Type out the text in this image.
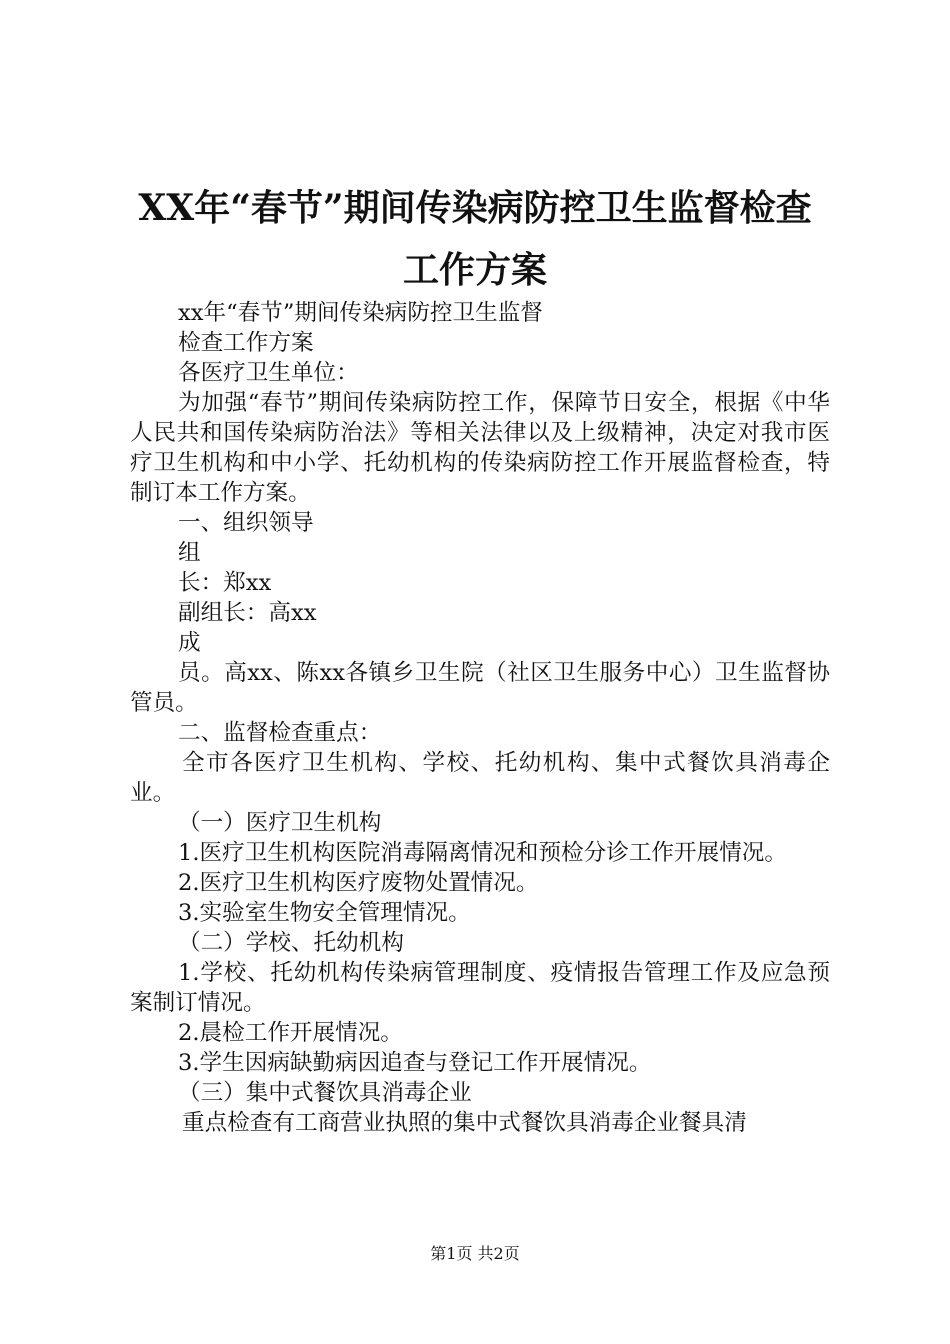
XX年“春节”期间传染病防控卫生监督检查
工作方案

xx年“春节”期间传染病防控卫生监督

检查工作方案

各医疗卫生单位：

为加强“春节”期间传染病防控工作，保障节日安全，根据《中华人民共和国传染病防治法》等相关法律以及上级精神，决定对我市医疗卫生机构和中小学、托幼机构的传染病防控工作开展监督检查，特制订本工作方案。

一、组织领导

组

长：郑xx

副组长：高xx

成

员。高xx、陈xx各镇乡卫生院（社区卫生服务中心）卫生监督协管员。

二、监督检查重点：

全市各医疗卫生机构、学校、托幼机构、集中式餐饮具消毒企业。

（一）医疗卫生机构

1.医疗卫生机构医院消毒隔离情况和预检分诊工作开展情况。

2.医疗卫生机构医疗废物处置情况。

3.实验室生物安全管理情况。

（二）学校、托幼机构

1.学校、托幼机构传染病管理制度、疫情报告管理工作及应急预案制订情况。

2.晨检工作开展情况。

3.学生因病缺勤病因追查与登记工作开展情况。

（三）集中式餐饮具消毒企业

重点检查有工商营业执照的集中式餐饮具消毒企业餐具清

第1页 共2页
